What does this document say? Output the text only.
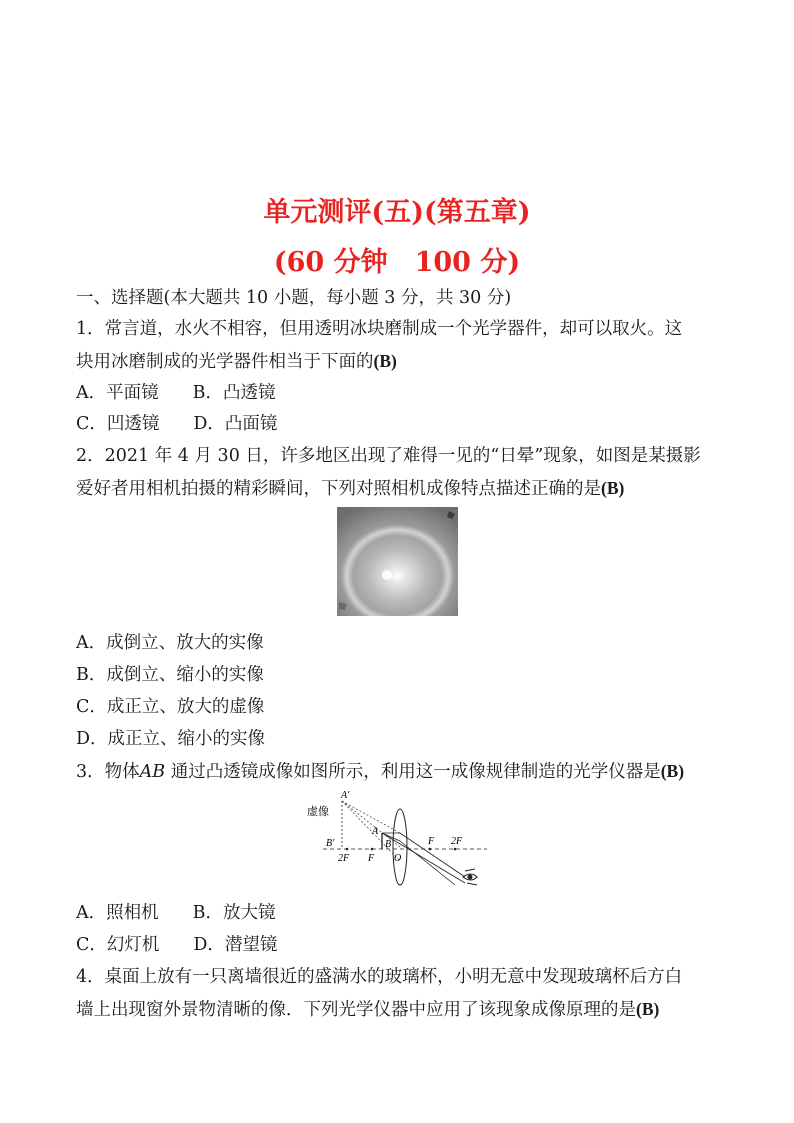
单元测评(五)(第五章)
(60 分钟　100 分)
一、选择题(本大题共 10 小题，每小题 3 分，共 30 分)
1．常言道，水火不相容，但用透明冰块磨制成一个光学器件，却可以取火。这
块用冰磨制成的光学器件相当于下面的(B)
A．平面镜 B．凸透镜
C．凹透镜 D．凸面镜
2．2021 年 4 月 30 日，许多地区出现了难得一见的“日晕”现象，如图是某摄影
爱好者用相机拍摄的精彩瞬间，下列对照相机成像特点描述正确的是(B)
A．成倒立、放大的实像
B．成倒立、缩小的实像
C．成正立、放大的虚像
D．成正立、缩小的实像
3．物体AB 通过凸透镜成像如图所示，利用这一成像规律制造的光学仪器是(B)
A′
虚像
B′
A
B
2F F O
F 2F
A．照相机 B．放大镜
C．幻灯机 D．潜望镜
4．桌面上放有一只离墙很近的盛满水的玻璃杯，小明无意中发现玻璃杯后方白
墙上出现窗外景物清晰的像．下列光学仪器中应用了该现象成像原理的是(B)
